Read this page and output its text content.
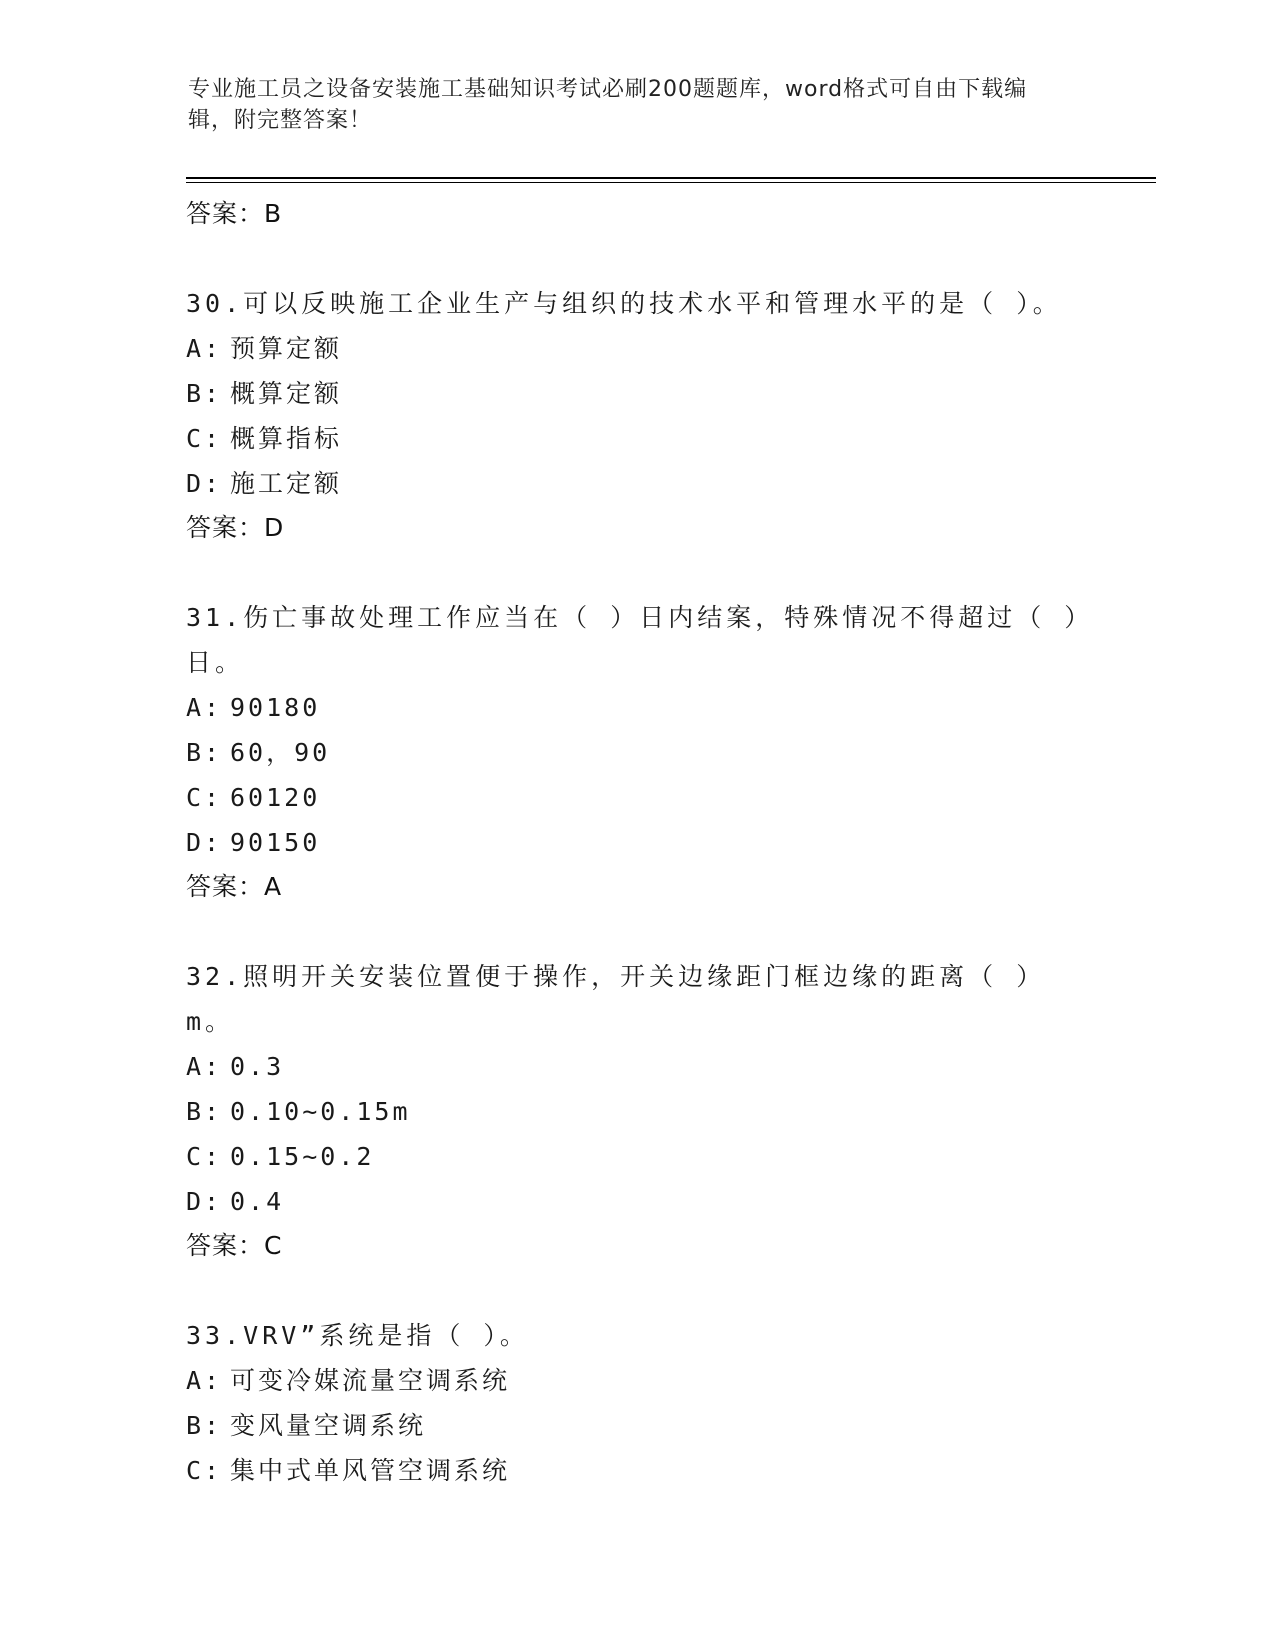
专业施工员之设备安装施工基础知识考试必刷200题题库，word格式可自由下载编辑，附完整答案！
答案：B
30.可以反映施工企业生产与组织的技术水平和管理水平的是（ ）。
A: 预算定额
B: 概算定额
C: 概算指标
D: 施工定额
答案：D
31.伤亡事故处理工作应当在（ ）日内结案，特殊情况不得超过（ ）日。
A: 90180
B: 60，90
C: 60120
D: 90150
答案：A
32.照明开关安装位置便于操作，开关边缘距门框边缘的距离（ ）m。
A: 0.3
B: 0.10~0.15m
C: 0.15~0.2
D: 0.4
答案：C
33.VRV”系统是指（ ）。
A: 可变冷媒流量空调系统
B: 变风量空调系统
C: 集中式单风管空调系统
